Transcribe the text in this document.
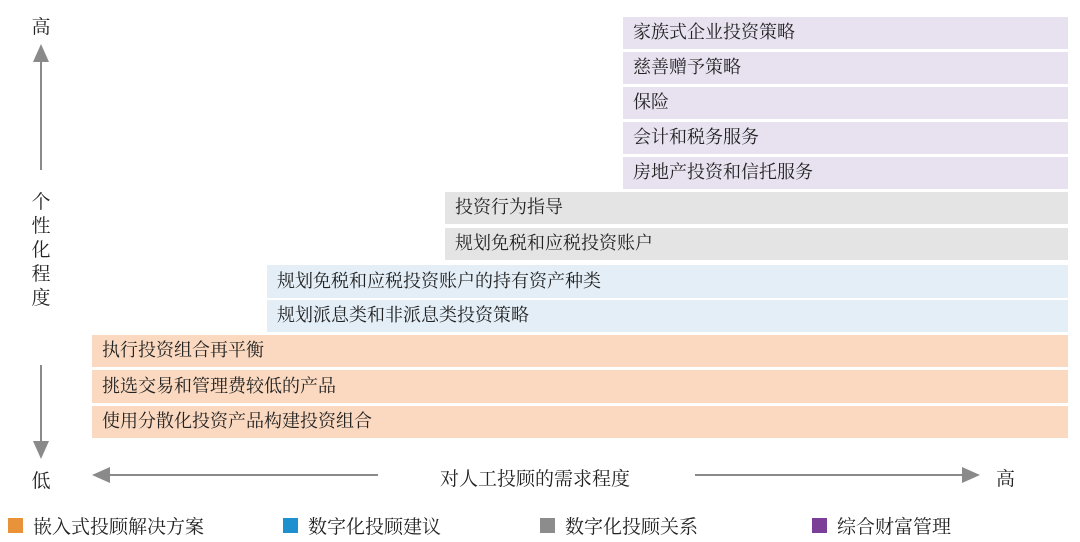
高
个性化程度
低
家族式企业投资策略
慈善赠予策略
保险
会计和税务服务
房地产投资和信托服务
投资行为指导
规划免税和应税投资账户
规划免税和应税投资账户的持有资产种类
规划派息类和非派息类投资策略
执行投资组合再平衡
挑选交易和管理费较低的产品
使用分散化投资产品构建投资组合
对人工投顾的需求程度	高
嵌入式投顾解决方案	数字化投顾建议	数字化投顾关系	综合财富管理
